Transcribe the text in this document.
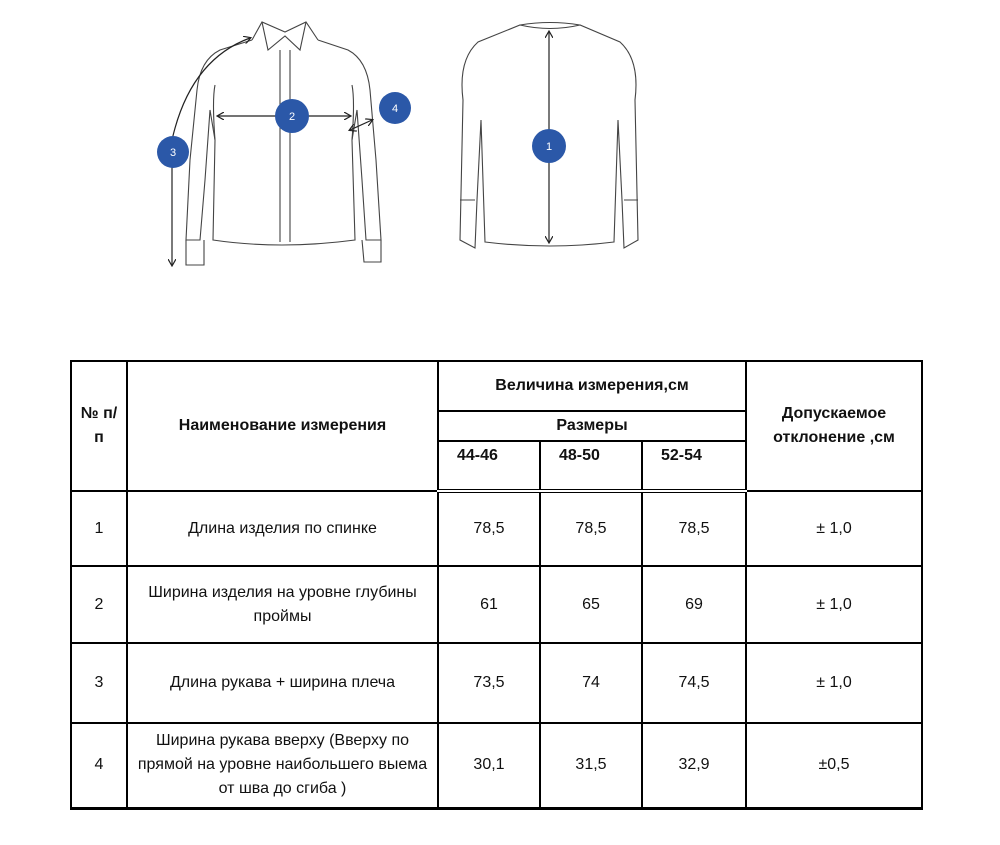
3
2
4
1
№ п/п	Наименование измерения	Величина измерения,см			Допускаемое отклонение ,см
		Размеры			
		44-46	48-50	52-54	
1	Длина изделия по спинке	78,5	78,5	78,5	± 1,0
2	Ширина изделия на уровне глубины проймы	61	65	69	± 1,0
3	Длина рукава + ширина плеча	73,5	74	74,5	± 1,0
4	Ширина рукава вверху (Вверху по прямой на уровне наибольшего выема от шва до сгиба )	30,1	31,5	32,9	±0,5
